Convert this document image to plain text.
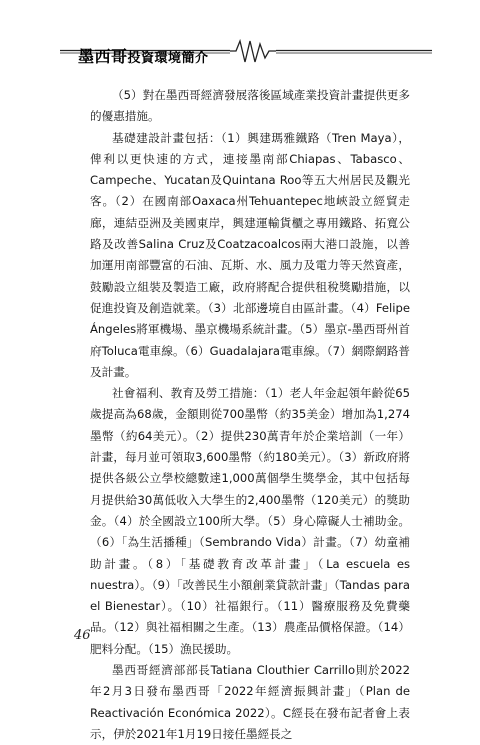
墨西哥投資環境簡介

（5）對在墨西哥經濟發展落後區域產業投資計畫提供更多的優惠措施。

基礎建設計畫包括：（1）興建瑪雅鐵路（Tren Maya），俾利以更快速的方式，連接墨南部Chiapas、Tabasco、Campeche、Yucatan及Quintana Roo等五大州居民及觀光客。（2）在國南部Oaxaca州Tehuantepec地峽設立經貿走廊，連結亞洲及美國東岸，興建運輸貨櫃之專用鐵路、拓寬公路及改善Salina Cruz及Coatzacoalcos兩大港口設施，以善加運用南部豐富的石油、瓦斯、水、風力及電力等天然資產，鼓勵設立組裝及製造工廠，政府將配合提供租稅獎勵措施，以促進投資及創造就業。（3）北部邊境自由區計畫。（4）Felipe Ángeles將軍機場、墨京機場系統計畫。（5）墨京-墨西哥州首府Toluca電車線。（6）Guadalajara電車線。（7）網際網路普及計畫。

社會福利、教育及勞工措施：（1）老人年金起領年齡從65歲提高為68歲，金額則從700墨幣（約35美金）增加為1,274墨幣（約64美元）。（2）提供230萬青年於企業培訓（一年）計畫，每月並可領取3,600墨幣（約180美元）。（3）新政府將提供各級公立學校總數達1,000萬個學生獎學金，其中包括每月提供給30萬低收入大學生的2,400墨幣（120美元）的獎助金。（4）於全國設立100所大學。（5）身心障礙人士補助金。（6）「為生活播種」（Sembrando Vida）計畫。（7）幼童補助計畫。（8）「基礎教育改革計畫」（La escuela es nuestra）。（9）「改善民生小額創業貸款計畫」（Tandas para el Bienestar）。（10）社福銀行。（11）醫療服務及免費藥品。（12）與社福相關之生產。（13）農產品價格保證。（14）肥料分配。（15）漁民援助。

墨西哥經濟部部長Tatiana Clouthier Carrillo則於2022年2月3日發布墨西哥「2022年經濟振興計畫」（Plan de Reactivación Económica 2022）。C經長在發布記者會上表示，伊於2021年1月19日接任墨經長之

46
